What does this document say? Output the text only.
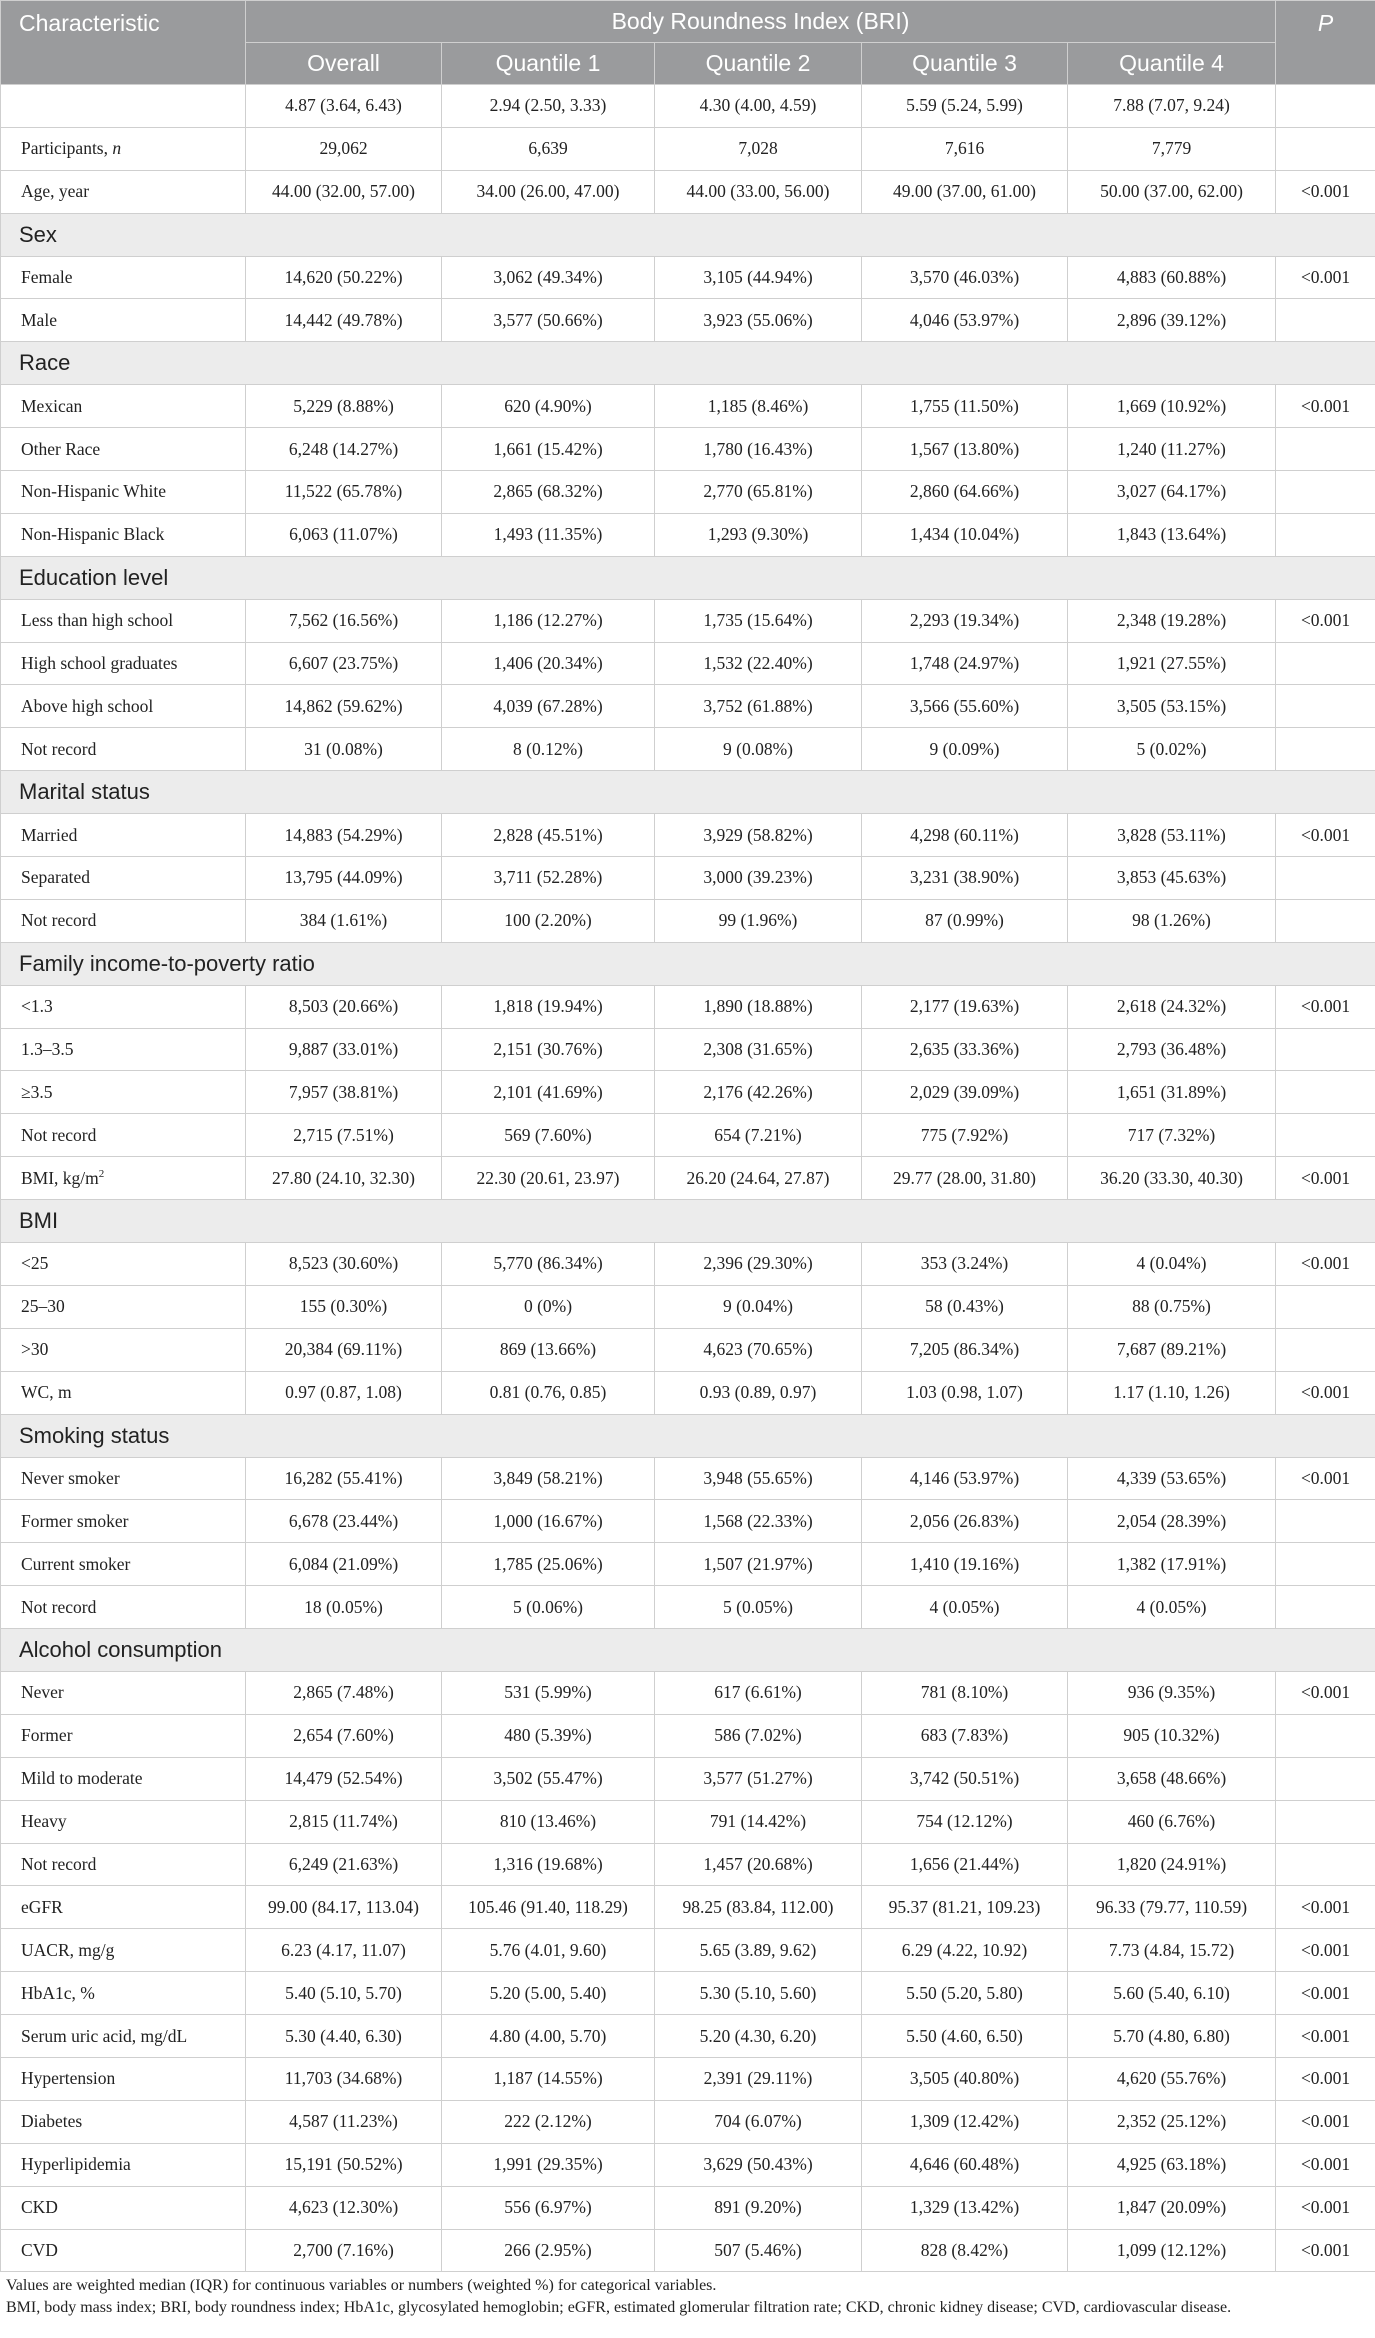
Characteristic	Body Roundness Index (BRI)					P
	Overall	Quantile 1	Quantile 2	Quantile 3	Quantile 4	
	4.87 (3.64, 6.43)	2.94 (2.50, 3.33)	4.30 (4.00, 4.59)	5.59 (5.24, 5.99)	7.88 (7.07, 9.24)	
Participants, n	29,062	6,639	7,028	7,616	7,779	
Age, year	44.00 (32.00, 57.00)	34.00 (26.00, 47.00)	44.00 (33.00, 56.00)	49.00 (37.00, 61.00)	50.00 (37.00, 62.00)	<0.001
Sex						
Female	14,620 (50.22%)	3,062 (49.34%)	3,105 (44.94%)	3,570 (46.03%)	4,883 (60.88%)	<0.001
Male	14,442 (49.78%)	3,577 (50.66%)	3,923 (55.06%)	4,046 (53.97%)	2,896 (39.12%)	
Race						
Mexican	5,229 (8.88%)	620 (4.90%)	1,185 (8.46%)	1,755 (11.50%)	1,669 (10.92%)	<0.001
Other Race	6,248 (14.27%)	1,661 (15.42%)	1,780 (16.43%)	1,567 (13.80%)	1,240 (11.27%)	
Non-Hispanic White	11,522 (65.78%)	2,865 (68.32%)	2,770 (65.81%)	2,860 (64.66%)	3,027 (64.17%)	
Non-Hispanic Black	6,063 (11.07%)	1,493 (11.35%)	1,293 (9.30%)	1,434 (10.04%)	1,843 (13.64%)	
Education level						
Less than high school	7,562 (16.56%)	1,186 (12.27%)	1,735 (15.64%)	2,293 (19.34%)	2,348 (19.28%)	<0.001
High school graduates	6,607 (23.75%)	1,406 (20.34%)	1,532 (22.40%)	1,748 (24.97%)	1,921 (27.55%)	
Above high school	14,862 (59.62%)	4,039 (67.28%)	3,752 (61.88%)	3,566 (55.60%)	3,505 (53.15%)	
Not record	31 (0.08%)	8 (0.12%)	9 (0.08%)	9 (0.09%)	5 (0.02%)	
Marital status						
Married	14,883 (54.29%)	2,828 (45.51%)	3,929 (58.82%)	4,298 (60.11%)	3,828 (53.11%)	<0.001
Separated	13,795 (44.09%)	3,711 (52.28%)	3,000 (39.23%)	3,231 (38.90%)	3,853 (45.63%)	
Not record	384 (1.61%)	100 (2.20%)	99 (1.96%)	87 (0.99%)	98 (1.26%)	
Family income-to-poverty ratio						
<1.3	8,503 (20.66%)	1,818 (19.94%)	1,890 (18.88%)	2,177 (19.63%)	2,618 (24.32%)	<0.001
1.3–3.5	9,887 (33.01%)	2,151 (30.76%)	2,308 (31.65%)	2,635 (33.36%)	2,793 (36.48%)	
≥3.5	7,957 (38.81%)	2,101 (41.69%)	2,176 (42.26%)	2,029 (39.09%)	1,651 (31.89%)	
Not record	2,715 (7.51%)	569 (7.60%)	654 (7.21%)	775 (7.92%)	717 (7.32%)	
BMI, $kg/m^2$	27.80 (24.10, 32.30)	22.30 (20.61, 23.97)	26.20 (24.64, 27.87)	29.77 (28.00, 31.80)	36.20 (33.30, 40.30)	<0.001
BMI						
<25	8,523 (30.60%)	5,770 (86.34%)	2,396 (29.30%)	353 (3.24%)	4 (0.04%)	<0.001
25–30	155 (0.30%)	0 (0%)	9 (0.04%)	58 (0.43%)	88 (0.75%)	
>30	20,384 (69.11%)	869 (13.66%)	4,623 (70.65%)	7,205 (86.34%)	7,687 (89.21%)	
WC, m	0.97 (0.87, 1.08)	0.81 (0.76, 0.85)	0.93 (0.89, 0.97)	1.03 (0.98, 1.07)	1.17 (1.10, 1.26)	<0.001
Smoking status						
Never smoker	16,282 (55.41%)	3,849 (58.21%)	3,948 (55.65%)	4,146 (53.97%)	4,339 (53.65%)	<0.001
Former smoker	6,678 (23.44%)	1,000 (16.67%)	1,568 (22.33%)	2,056 (26.83%)	2,054 (28.39%)	
Current smoker	6,084 (21.09%)	1,785 (25.06%)	1,507 (21.97%)	1,410 (19.16%)	1,382 (17.91%)	
Not record	18 (0.05%)	5 (0.06%)	5 (0.05%)	4 (0.05%)	4 (0.05%)	
Alcohol consumption						
Never	2,865 (7.48%)	531 (5.99%)	617 (6.61%)	781 (8.10%)	936 (9.35%)	<0.001
Former	2,654 (7.60%)	480 (5.39%)	586 (7.02%)	683 (7.83%)	905 (10.32%)	
Mild to moderate	14,479 (52.54%)	3,502 (55.47%)	3,577 (51.27%)	3,742 (50.51%)	3,658 (48.66%)	
Heavy	2,815 (11.74%)	810 (13.46%)	791 (14.42%)	754 (12.12%)	460 (6.76%)	
Not record	6,249 (21.63%)	1,316 (19.68%)	1,457 (20.68%)	1,656 (21.44%)	1,820 (24.91%)	
eGFR	99.00 (84.17, 113.04)	105.46 (91.40, 118.29)	98.25 (83.84, 112.00)	95.37 (81.21, 109.23)	96.33 (79.77, 110.59)	<0.001
UACR, mg/g	6.23 (4.17, 11.07)	5.76 (4.01, 9.60)	5.65 (3.89, 9.62)	6.29 (4.22, 10.92)	7.73 (4.84, 15.72)	<0.001
HbA1c, %	5.40 (5.10, 5.70)	5.20 (5.00, 5.40)	5.30 (5.10, 5.60)	5.50 (5.20, 5.80)	5.60 (5.40, 6.10)	<0.001
Serum uric acid, mg/dL	5.30 (4.40, 6.30)	4.80 (4.00, 5.70)	5.20 (4.30, 6.20)	5.50 (4.60, 6.50)	5.70 (4.80, 6.80)	<0.001
Hypertension	11,703 (34.68%)	1,187 (14.55%)	2,391 (29.11%)	3,505 (40.80%)	4,620 (55.76%)	<0.001
Diabetes	4,587 (11.23%)	222 (2.12%)	704 (6.07%)	1,309 (12.42%)	2,352 (25.12%)	<0.001
Hyperlipidemia	15,191 (50.52%)	1,991 (29.35%)	3,629 (50.43%)	4,646 (60.48%)	4,925 (63.18%)	<0.001
CKD	4,623 (12.30%)	556 (6.97%)	891 (9.20%)	1,329 (13.42%)	1,847 (20.09%)	<0.001
CVD	2,700 (7.16%)	266 (2.95%)	507 (5.46%)	828 (8.42%)	1,099 (12.12%)	<0.001
Values are weighted median (IQR) for continuous variables or numbers (weighted %) for categorical variables.
BMI, body mass index; BRI, body roundness index; HbA1c, glycosylated hemoglobin; eGFR, estimated glomerular filtration rate; CKD, chronic kidney disease; CVD, cardiovascular disease.
